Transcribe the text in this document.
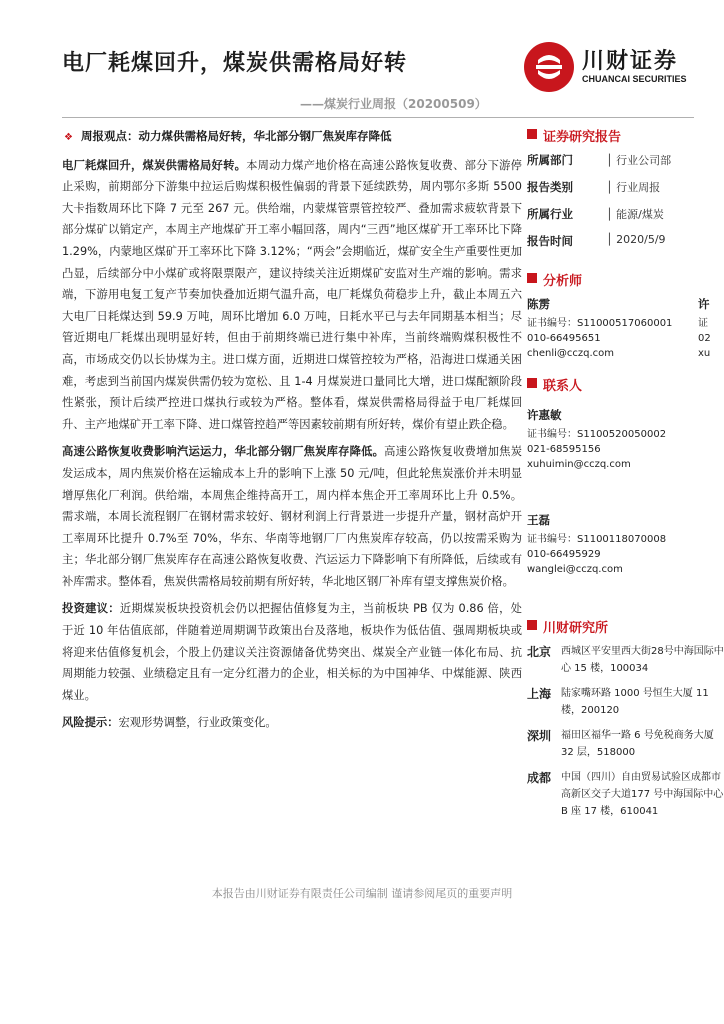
电厂耗煤回升，煤炭供需格局好转
——煤炭行业周报（20200509）
川财证券
CHUANCAI SECURITIES
❖ 周报观点：动力煤供需格局好转，华北部分钢厂焦炭库存降低

电厂耗煤回升，煤炭供需格局好转。本周动力煤产地价格在高速公路恢复收费、部分下游停止采购，前期部分下游集中拉运后购煤积极性偏弱的背景下延续跌势，周内鄂尔多斯 5500 大卡指数周环比下降 7 元至 267 元。供给端，内蒙煤管票管控较严、叠加需求疲软背景下部分煤矿以销定产，本周主产地煤矿开工率小幅回落，周内“三西”地区煤矿开工率环比下降 1.29%，内蒙地区煤矿开工率环比下降 3.12%；“两会”会期临近，煤矿安全生产重要性更加凸显，后续部分中小煤矿或将限票限产，建议持续关注近期煤矿安监对生产端的影响。需求端，下游用电复工复产节奏加快叠加近期气温升高，电厂耗煤负荷稳步上升，截止本周五六大电厂日耗煤达到 59.9 万吨，周环比增加 6.0 万吨，日耗水平已与去年同期基本相当；尽管近期电厂耗煤出现明显好转，但由于前期终端已进行集中补库，当前终端购煤积极性不高，市场成交仍以长协煤为主。进口煤方面，近期进口煤管控较为严格，沿海进口煤通关困难，考虑到当前国内煤炭供需仍较为宽松、且 1-4 月煤炭进口量同比大增，进口煤配额阶段性紧张，预计后续严控进口煤执行或较为严格。整体看，煤炭供需格局得益于电厂耗煤回升、主产地煤矿开工率下降、进口煤管控趋严等因素较前期有所好转，煤价有望止跌企稳。

高速公路恢复收费影响汽运运力，华北部分钢厂焦炭库存降低。高速公路恢复收费增加焦炭发运成本，周内焦炭价格在运输成本上升的影响下上涨 50 元/吨，但此轮焦炭涨价并未明显增厚焦化厂利润。供给端，本周焦企维持高开工，周内样本焦企开工率周环比上升 0.5%。需求端，本周长流程钢厂在钢材需求较好、钢材利润上行背景进一步提升产量，钢材高炉开工率周环比提升 0.7%至 70%，华东、华南等地钢厂厂内焦炭库存较高，仍以按需采购为主；华北部分钢厂焦炭库存在高速公路恢复收费、汽运运力下降影响下有所降低，后续或有补库需求。整体看，焦炭供需格局较前期有所好转，华北地区钢厂补库有望支撑焦炭价格。

投资建议：近期煤炭板块投资机会仍以把握估值修复为主，当前板块 PB 仅为 0.86 倍，处于近 10 年估值底部，伴随着逆周期调节政策出台及落地，板块作为低估值、强周期板块或将迎来估值修复机会，个股上仍建议关注资源储备优势突出、煤炭全产业链一体化布局、抗周期能力较强、业绩稳定且有一定分红潜力的企业，相关标的为中国神华、中煤能源、陕西煤业。

风险提示：宏观形势调整，行业政策变化。

证券研究报告
所属部门	│ 行业公司部
报告类别	│ 行业周报
所属行业	│ 能源/煤炭
报告时间	│ 2020/5/9
分析师
陈雳
证书编号：S1100051706000​1
010-66495651
chenli@cczq.com
许
证
02
xu
联系人
许惠敏
证书编号：S1100520050002
021-68595156
xuhuimin@cczq.com
王磊
证书编号：S1100118070008
010-66495929
wanglei@cczq.com
川财研究所
北京 西城区平安里西大街28号中海国际中心 15 楼，100034
上海 陆家嘴环路 1000 号恒生大厦 11 楼，200120
深圳 福田区福华一路 6 号免税商务大厦 32 层，518000
成都 中国（四川）自由贸易试验区成都市高新区交子大道177 号中海国际中心 B 座 17 楼，610041
本报告由川财证券有限责任公司编制 谨请参阅尾页的重要声明
